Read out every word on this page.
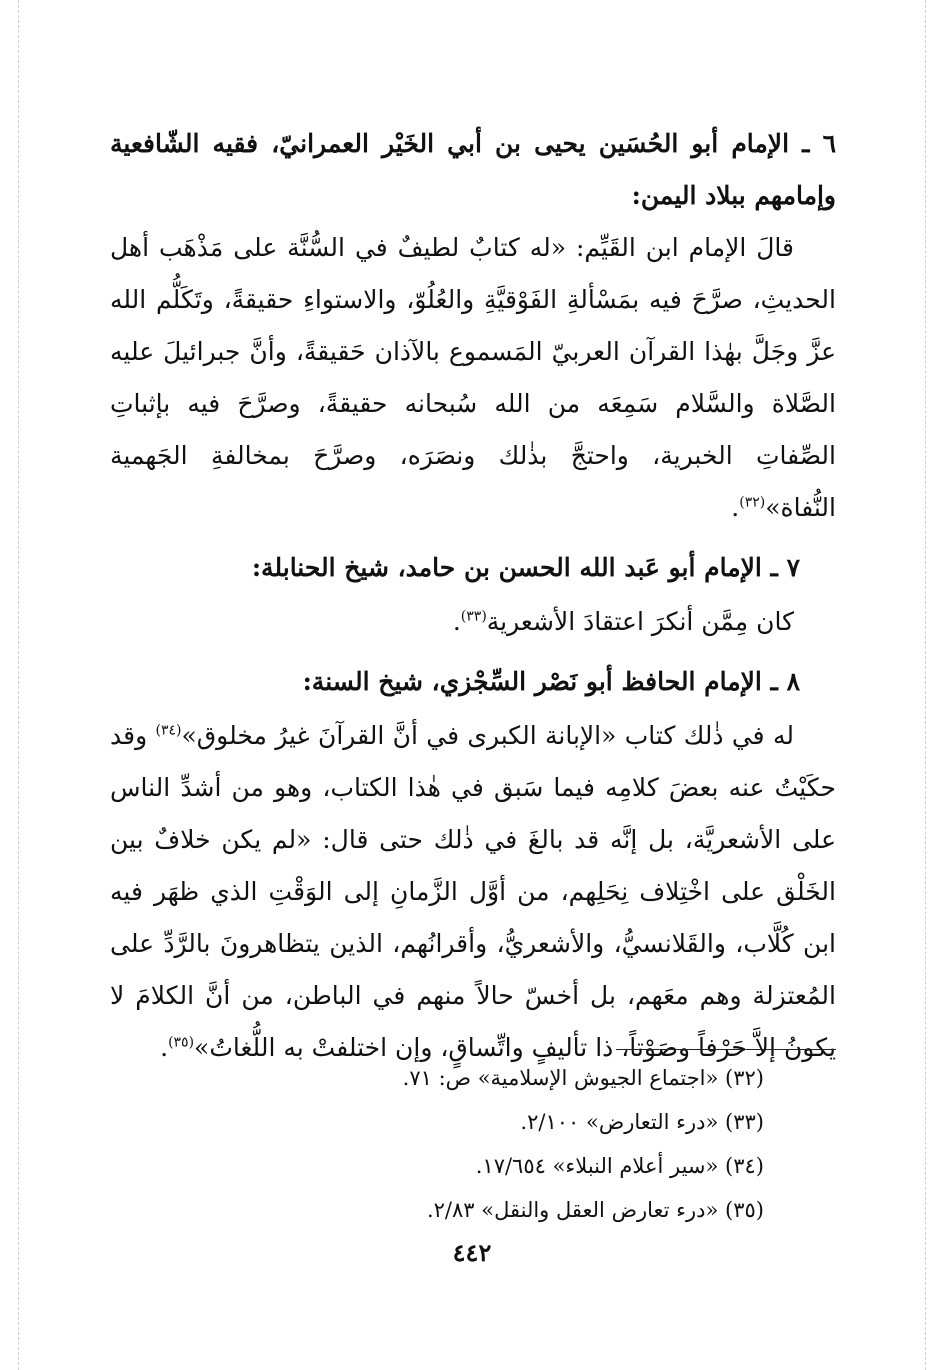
٦ ـ الإمام أبو الحُسَين يحيى بن أبي الخَيْر العمرانيّ، فقيه الشّافعية وإمامهم ببلاد اليمن:

قالَ الإمام ابن القَيِّم: «له كتابٌ لطيفٌ في السُّنَّة على مَذْهَب أهل الحديثِ، صرَّحَ فيه بمَسْألةِ الفَوْقيَّةِ والعُلُوّ، والاستواءِ حقيقةً، وتَكَلُّم الله عزَّ وجَلَّ بهٰذا القرآن العربيّ المَسموع بالآذان حَقيقةً، وأنَّ جبرائيلَ عليه الصَّلاة والسَّلام سَمِعَه من الله سُبحانه حقيقةً، وصرَّحَ فيه بإثباتِ الصِّفاتِ الخبرية، واحتجَّ بذٰلك ونصَرَه، وصرَّحَ بمخالفةِ الجَهمية النُّفاة»$^{(٣٢)}$.

٧ ـ الإمام أبو عَبد الله الحسن بن حامد، شيخ الحنابلة:

كان مِمَّن أنكرَ اعتقادَ الأشعرية$^{(٣٣)}$.

٨ ـ الإمام الحافظ أبو نَصْر السِّجْزي، شيخ السنة:

له في ذٰلك كتاب «الإبانة الكبرى في أنَّ القرآنَ غيرُ مخلوق»$^{(٣٤)}$ وقد حكَيْتُ عنه بعضَ كلامِه فيما سَبق في هٰذا الكتاب، وهو من أشدِّ الناس على الأشعريَّة، بل إنَّه قد بالغَ في ذٰلك حتى قال: «لم يكن خلافٌ بين الخَلْق على اخْتِلاف نِحَلِهم، من أوَّل الزَّمانِ إلى الوَقْتِ الذي ظهَر فيه ابن كُلَّاب، والقَلانسيُّ، والأشعريُّ، وأقرانُهم، الذين يتظاهرونَ بالرَّدِّ على المُعتزلة وهم معَهم، بل أخسّ حالاً منهم في الباطن، من أنَّ الكلامَ لا يكونُ إلاَّ حَرْفاً وصَوْتاً، ذا تأليفٍ واتِّساقٍ، وإن اختلفتْ به اللُّغاتُ»$^{(٣٥)}$.

(٣٢) «اجتماع الجيوش الإسلامية» ص: ٧١.

(٣٣) «درء التعارض» ٢/١٠٠.

(٣٤) «سير أعلام النبلاء» ١٧/٦٥٤.

(٣٥) «درء تعارض العقل والنقل» ٢/٨٣.

٤٤٢
